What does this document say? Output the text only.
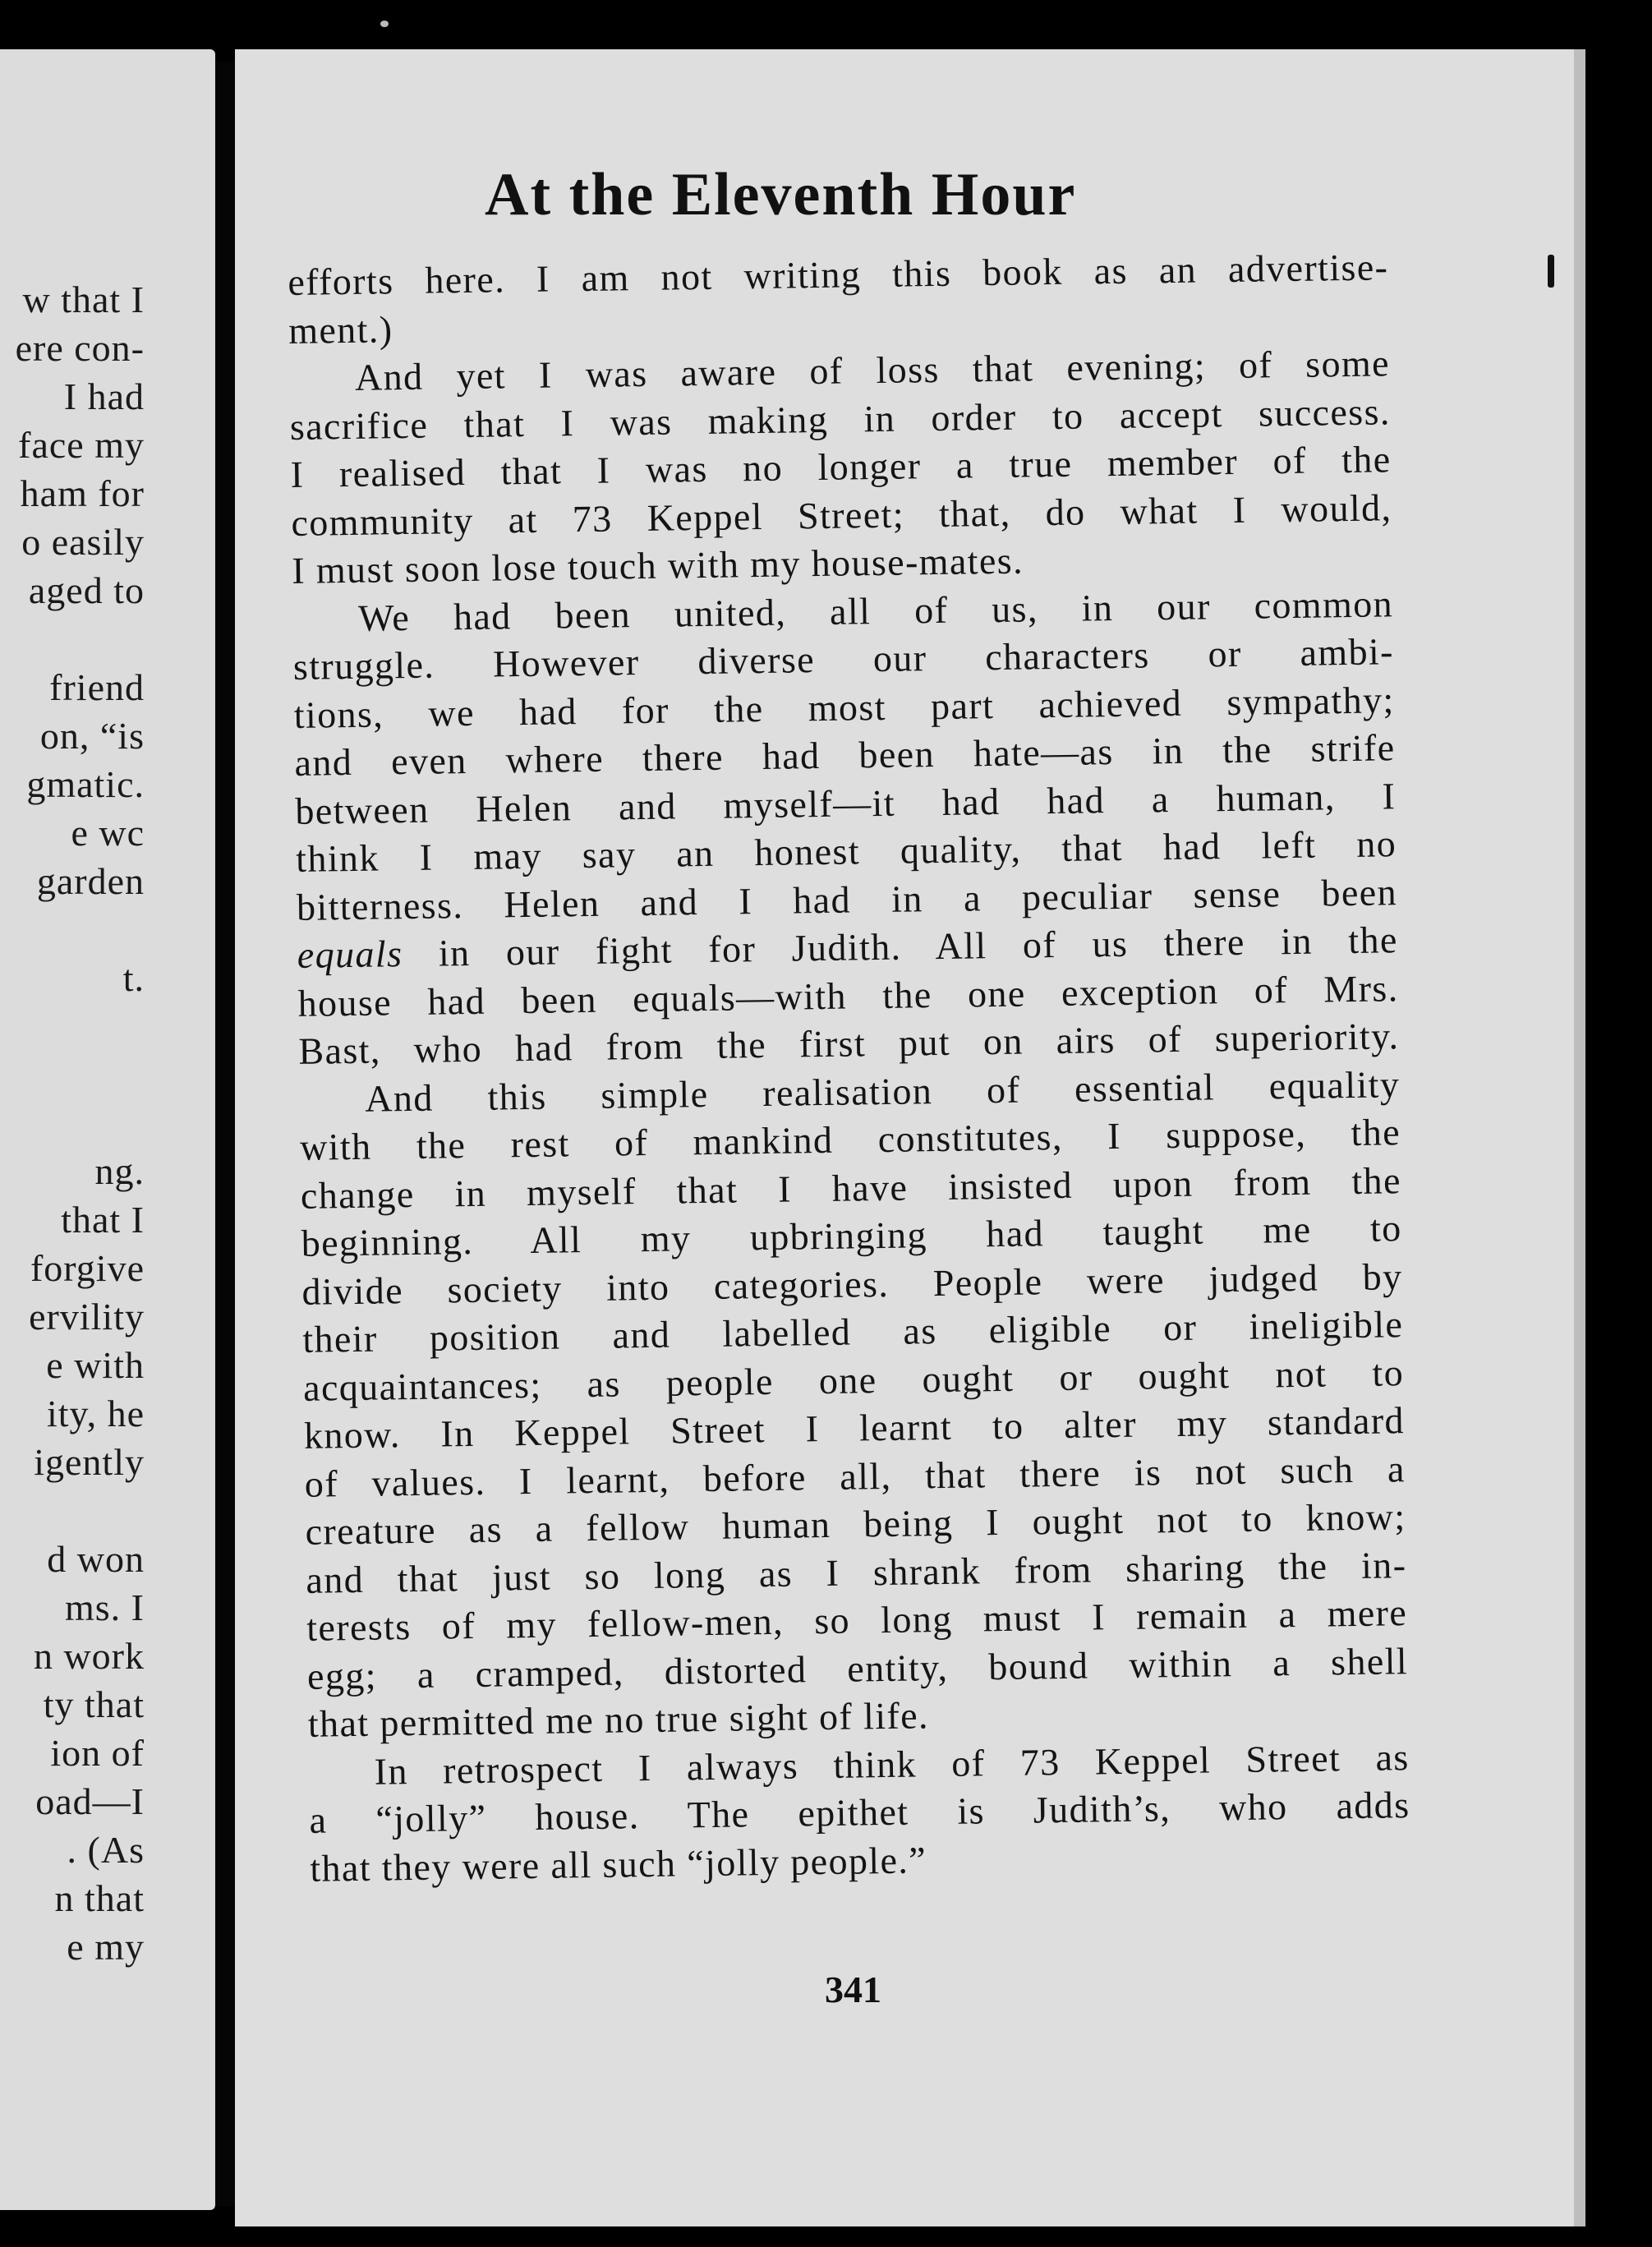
w that I
ere con-
I had
face my
ham for
o easily
aged to
friend
on, “is
gmatic.
e wc
garden
t.
ng.
that I
forgive
ervility
e with
ity, he
igently
d won
ms. I
n work
ty that
ion of
oad—I
. (As
n that
e my
At the Eleventh Hour
efforts here. I am not writing this book as an advertise-
ment.)
And yet I was aware of loss that evening; of some
sacrifice that I was making in order to accept success.
I realised that I was no longer a true member of the
community at 73 Keppel Street; that, do what I would,
I must soon lose touch with my house-mates.
We had been united, all of us, in our common
struggle. However diverse our characters or ambi-
tions, we had for the most part achieved sympathy;
and even where there had been hate—as in the strife
between Helen and myself—it had had a human, I
think I may say an honest quality, that had left no
bitterness. Helen and I had in a peculiar sense been
equals in our fight for Judith. All of us there in the
house had been equals—with the one exception of Mrs.
Bast, who had from the first put on airs of superiority.
And this simple realisation of essential equality
with the rest of mankind constitutes, I suppose, the
change in myself that I have insisted upon from the
beginning. All my upbringing had taught me to
divide society into categories. People were judged by
their position and labelled as eligible or ineligible
acquaintances; as people one ought or ought not to
know. In Keppel Street I learnt to alter my standard
of values. I learnt, before all, that there is not such a
creature as a fellow human being I ought not to know;
and that just so long as I shrank from sharing the in-
terests of my fellow-men, so long must I remain a mere
egg; a cramped, distorted entity, bound within a shell
that permitted me no true sight of life.
In retrospect I always think of 73 Keppel Street as
a “jolly” house. The epithet is Judith’s, who adds
that they were all such “jolly people.”
341
